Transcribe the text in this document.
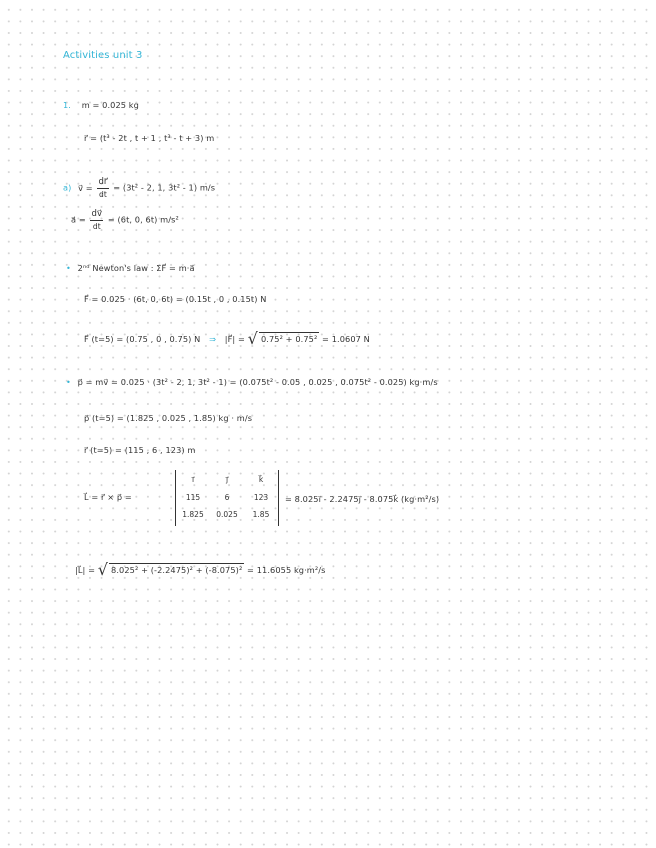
Activities unit 3
1. m = 0.025 kg
r⃗ = (t³ - 2t , t + 1 , t³ - t + 3) m
a) v⃗ = $\frac{dr⃗}{dt} = (3t^2 - 2$, 1, 3t² - 1) m/s
a⃗ = $\frac{dv⃗}{dt} = (6t$, 0, 6t) m/s²
• 2ⁿᵈ Newton's law : ΣF⃗ = m·a⃗
F⃗ = 0.025 · (6t, 0, 6t) = (0.15t , 0 , 0.15t) N
F⃗ (t=5) = (0.75 , 0 , 0.75) N ⇒ |F⃗| = √ 0.75² + 0.75² = 1.0607 N
• p⃗ = mv⃗ = 0.025 · (3t² - 2, 1, 3t² - 1) = (0.075t² - 0.05 , 0.025 , 0.075t² - 0.025) kg·m/s
p⃗ (t=5) = (1.825 , 0.025 , 1.85) kg · m/s
r⃗ (t=5) = (115 , 6 , 123) m
L⃗ = r⃗ × p⃗ =
i⃗	j⃗	k⃗
115	6	123
1.825	0.025	1.85
= 8.025i⃗ - 2.2475j⃗ - 8.075k⃗ (kg·m²/s)
|L⃗| = √ 8.025² + (-2.2475)² + (-8.075)² = 11.6055 kg·m²/s
